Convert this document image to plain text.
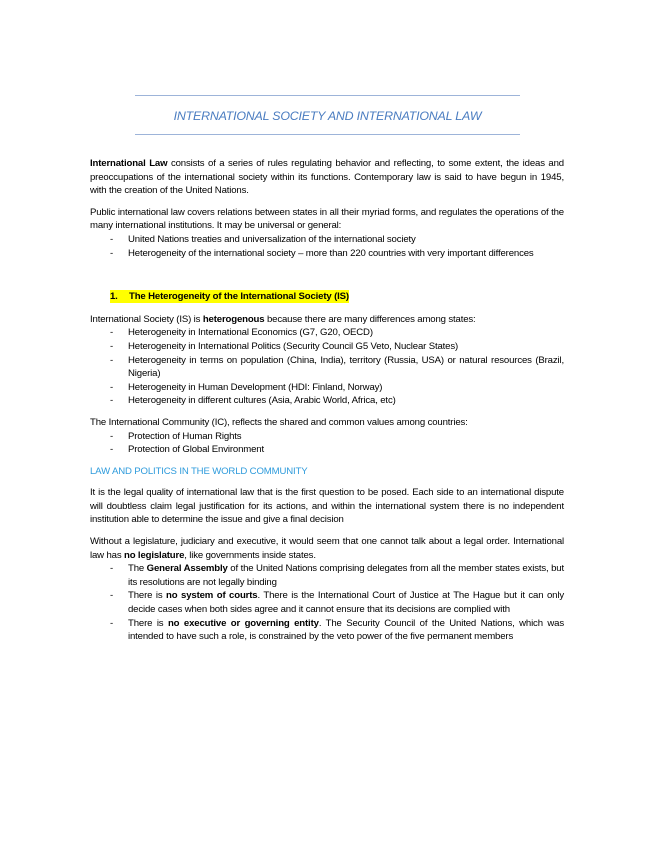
INTERNATIONAL SOCIETY AND INTERNATIONAL LAW

International Law consists of a series of rules regulating behavior and reflecting, to some extent, the ideas and preoccupations of the international society within its functions. Contemporary law is said to have begun in 1945, with the creation of the United Nations.

Public international law covers relations between states in all their myriad forms, and regulates the operations of the many international institutions. It may be universal or general:

- United Nations treaties and universalization of the international society
- Heterogeneity of the international society – more than 220 countries with very important differences
1. The Heterogeneity of the International Society (IS)

International Society (IS) is heterogenous because there are many differences among states:

- Heterogeneity in International Economics (G7, G20, OECD)
- Heterogeneity in International Politics (Security Council G5 Veto, Nuclear States)
- Heterogeneity in terms on population (China, India), territory (Russia, USA) or natural resources (Brazil, Nigeria)
- Heterogeneity in Human Development (HDI: Finland, Norway)
- Heterogeneity in different cultures (Asia, Arabic World, Africa, etc)

The International Community (IC), reflects the shared and common values among countries:

- Protection of Human Rights
- Protection of Global Environment

LAW AND POLITICS IN THE WORLD COMMUNITY

It is the legal quality of international law that is the first question to be posed. Each side to an international dispute will doubtless claim legal justification for its actions, and within the international system there is no independent institution able to determine the issue and give a final decision

Without a legislature, judiciary and executive, it would seem that one cannot talk about a legal order. International law has no legislature, like governments inside states.

- The General Assembly of the United Nations comprising delegates from all the member states exists, but its resolutions are not legally binding
- There is no system of courts. There is the International Court of Justice at The Hague but it can only decide cases when both sides agree and it cannot ensure that its decisions are complied with
- There is no executive or governing entity. The Security Council of the United Nations, which was intended to have such a role, is constrained by the veto power of the five permanent members
